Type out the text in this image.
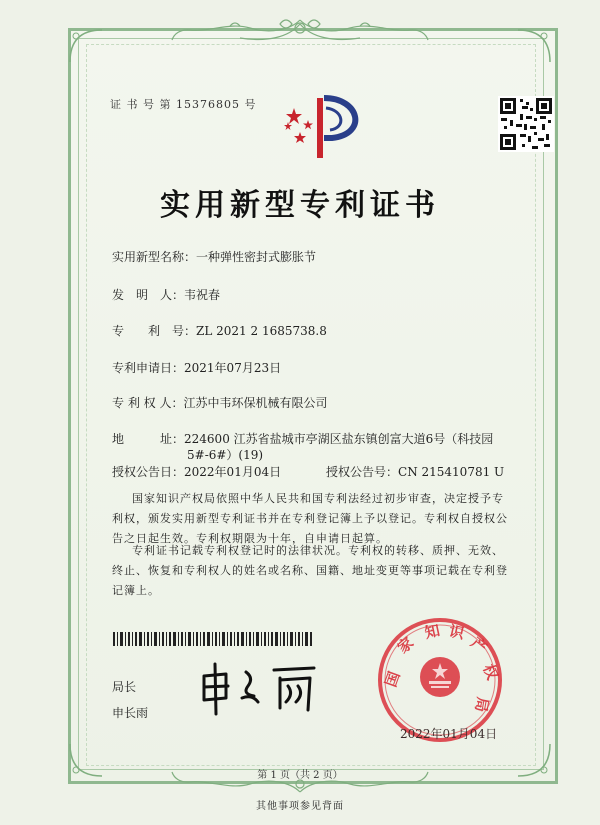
证 书 号 第 15376805 号
实用新型专利证书
实用新型名称：一种弹性密封式膨胀节
发　明　人：韦祝春
专　　利　号：ZL 2021 2 1685738.8
专利申请日：2021年07月23日
专 利 权 人：江苏中韦环保机械有限公司
地　　　址：224600 江苏省盐城市亭湖区盐东镇创富大道6号（科技园
5#-6#）(19)
授权公告日：2022年01月04日	授权公告号：CN 215410781 U
国家知识产权局依照中华人民共和国专利法经过初步审查，决定授予专利权，颁发实用新型专利证书并在专利登记簿上予以登记。专利权自授权公告之日起生效。专利权期限为十年，自申请日起算。
专利证书记载专利权登记时的法律状况。专利权的转移、质押、无效、终止、恢复和专利权人的姓名或名称、国籍、地址变更等事项记载在专利登记簿上。
局长
申长雨
国
家
知 识
产
权
局
2022年01月04日
第 1 页（共 2 页）
其他事项参见背面
